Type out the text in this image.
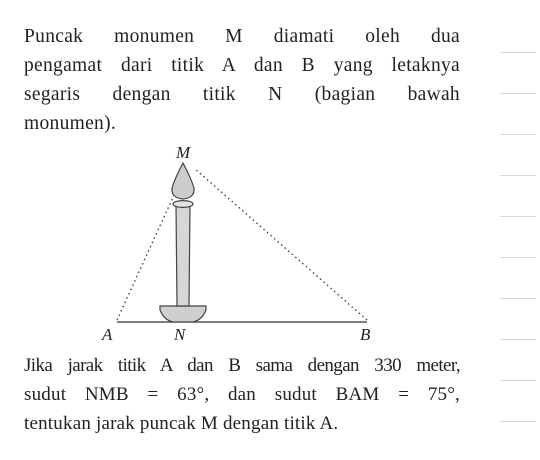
Puncak monumen M diamati oleh dua
pengamat dari titik A dan B yang letaknya
segaris dengan titik N (bagian bawah
monumen).

M
A	N	B

Jika jarak titik A dan B sama dengan 330 meter,
sudut NMB = 63°, dan sudut BAM = 75°,
tentukan jarak puncak M dengan titik A.
